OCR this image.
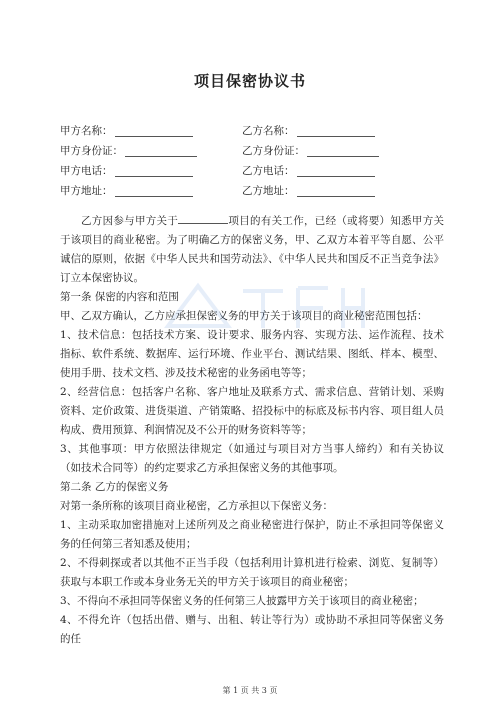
项目保密协议书
甲方名称：	乙方名称：
甲方身份证：	乙方身份证：
甲方电话：	乙方电话：
甲方地址：	乙方地址：

乙方因参与甲方关于	项目的有关工作，已经（或将要）知悉甲方关于该项目的商业秘密。为了明确乙方的保密义务，甲、乙双方本着平等自愿、公平诚信的原则，依据《中华人民共和国劳动法》、《中华人民共和国反不正当竞争法》订立本保密协议。

第一条 保密的内容和范围

甲、乙双方确认，乙方应承担保密义务的甲方关于该项目的商业秘密范围包括：

1、技术信息：包括技术方案、设计要求、服务内容、实现方法、运作流程、技术指标、软件系统、数据库、运行环境、作业平台、测试结果、图纸、样本、模型、使用手册、技术文档、涉及技术秘密的业务函电等等；

2、经营信息：包括客户名称、客户地址及联系方式、需求信息、营销计划、采购资料、定价政策、进货渠道、产销策略、招投标中的标底及标书内容、项目组人员构成、费用预算、利润情况及不公开的财务资料等等；

3、其他事项：甲方依照法律规定（如通过与项目对方当事人缔约）和有关协议（如技术合同等）的约定要求乙方承担保密义务的其他事项。

第二条 乙方的保密义务

对第一条所称的该项目商业秘密，乙方承担以下保密义务：

1、主动采取加密措施对上述所列及之商业秘密进行保护，防止不承担同等保密义务的任何第三者知悉及使用；

2、不得刺探或者以其他不正当手段（包括利用计算机进行检索、浏览、复制等）获取与本职工作或本身业务无关的甲方关于该项目的商业秘密；

3、不得向不承担同等保密义务的任何第三人披露甲方关于该项目的商业秘密；

4、不得允许（包括出借、赠与、出租、转让等行为）或协助不承担同等保密义务的任

第 1 页 共 3 页
